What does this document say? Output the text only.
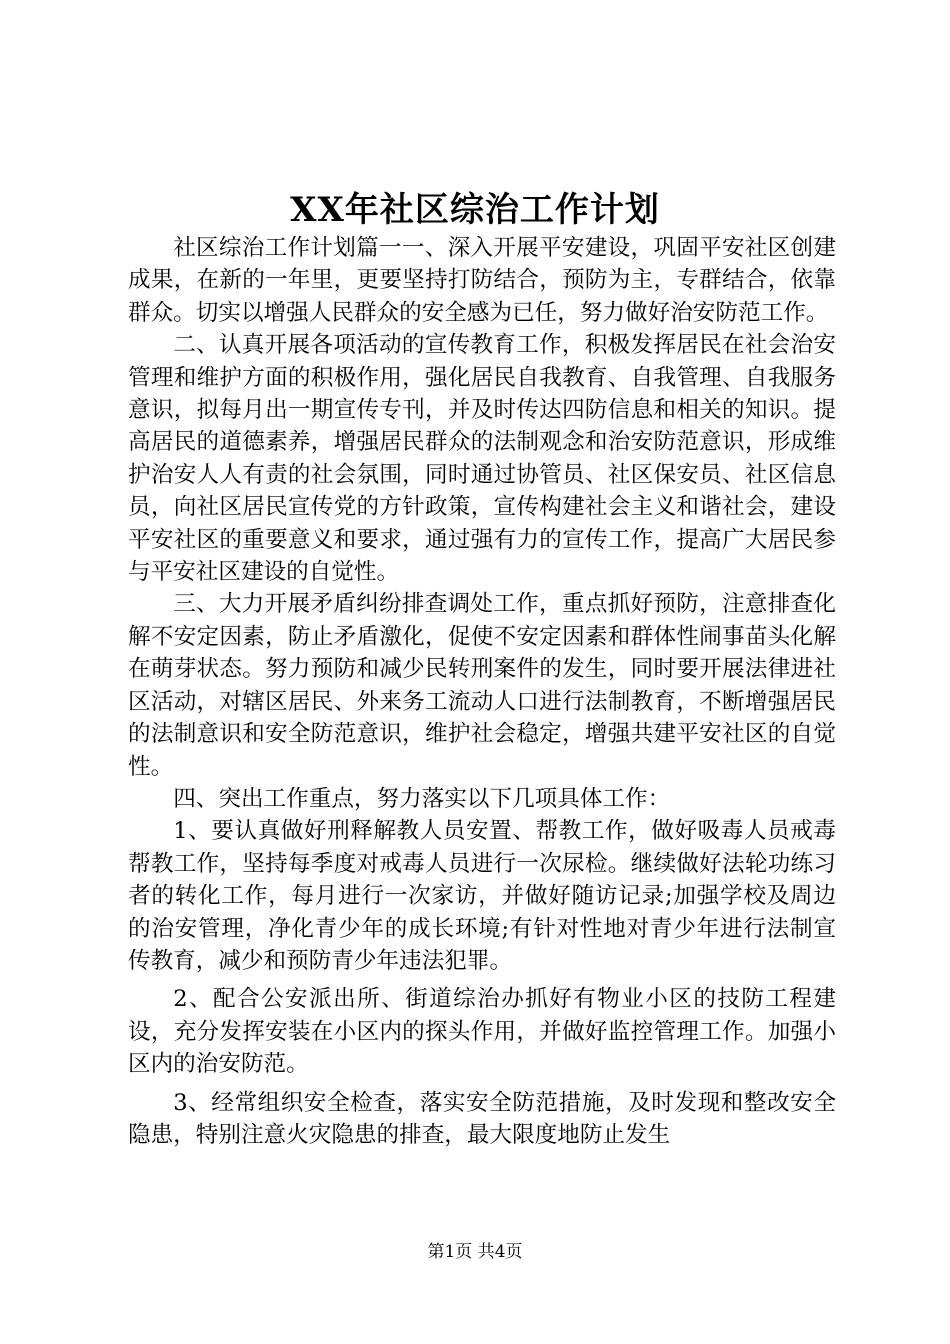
XX年社区综治工作计划

社区综治工作计划篇一一、深入开展平安建设，巩固平安社区创建成果，在新的一年里，更要坚持打防结合，预防为主，专群结合，依靠群众。切实以增强人民群众的安全感为已任，努力做好治安防范工作。

二、认真开展各项活动的宣传教育工作，积极发挥居民在社会治安管理和维护方面的积极作用，强化居民自我教育、自我管理、自我服务意识，拟每月出一期宣传专刊，并及时传达四防信息和相关的知识。提高居民的道德素养，增强居民群众的法制观念和治安防范意识，形成维护治安人人有责的社会氛围，同时通过协管员、社区保安员、社区信息员，向社区居民宣传党的方针政策，宣传构建社会主义和谐社会，建设平安社区的重要意义和要求，通过强有力的宣传工作，提高广大居民参与平安社区建设的自觉性。

三、大力开展矛盾纠纷排查调处工作，重点抓好预防，注意排查化解不安定因素，防止矛盾激化，促使不安定因素和群体性闹事苗头化解在萌芽状态。努力预防和减少民转刑案件的发生，同时要开展法律进社区活动，对辖区居民、外来务工流动人口进行法制教育，不断增强居民的法制意识和安全防范意识，维护社会稳定，增强共建平安社区的自觉性。

四、突出工作重点，努力落实以下几项具体工作：

1、要认真做好刑释解教人员安置、帮教工作，做好吸毒人员戒毒帮教工作，坚持每季度对戒毒人员进行一次尿检。继续做好法轮功练习者的转化工作，每月进行一次家访，并做好随访记录;加强学校及周边的治安管理，净化青少年的成长环境;有针对性地对青少年进行法制宣传教育，减少和预防青少年违法犯罪。

2、配合公安派出所、街道综治办抓好有物业小区的技防工程建设，充分发挥安装在小区内的探头作用，并做好监控管理工作。加强小区内的治安防范。

3、经常组织安全检查，落实安全防范措施，及时发现和整改安全隐患，特别注意火灾隐患的排查，最大限度地防止发生

第1页 共4页
